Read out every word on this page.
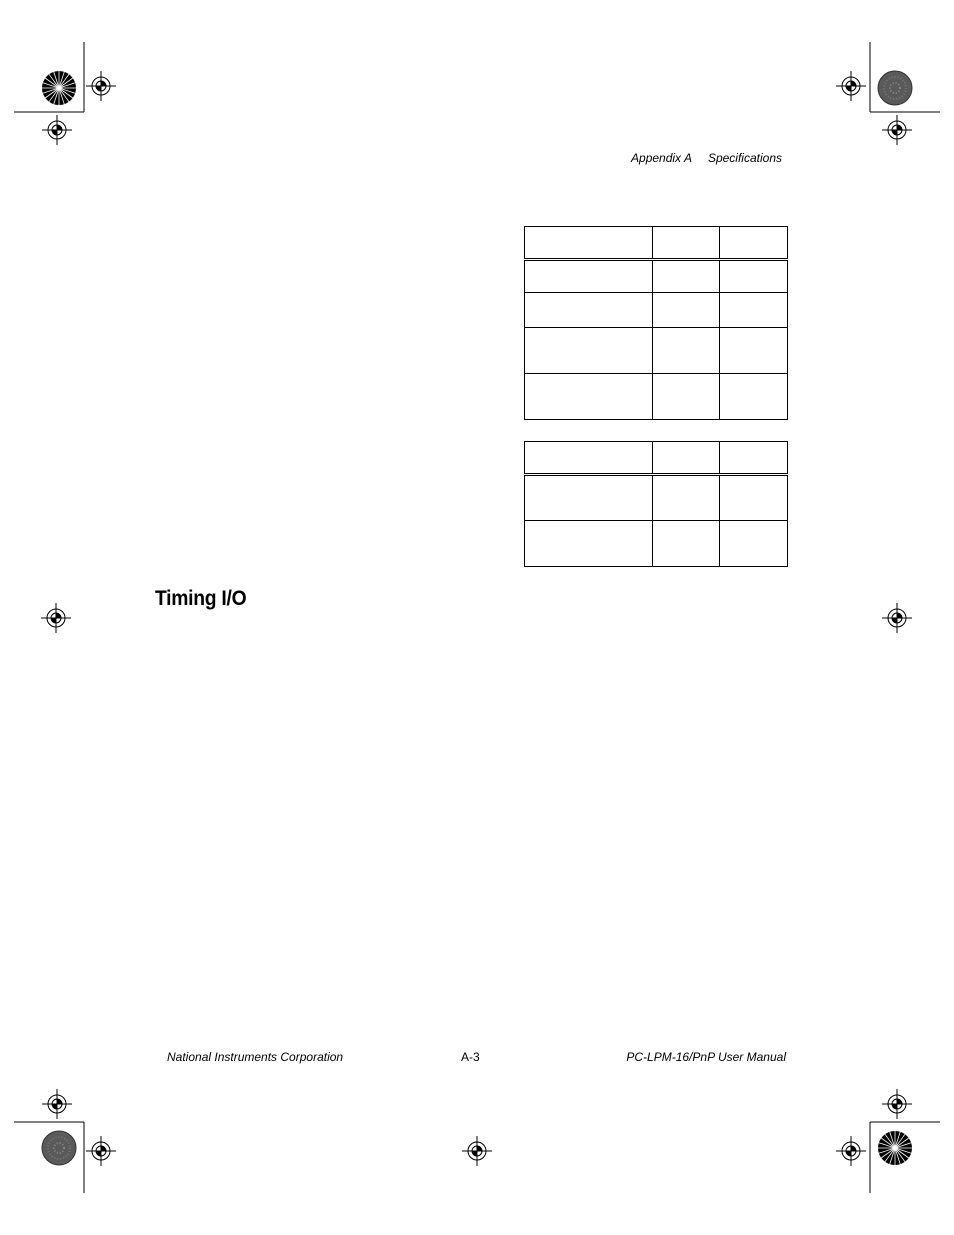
Appendix A Specifications

Timing I/O
National Instruments Corporation	A-3	PC-LPM-16/PnP User Manual
